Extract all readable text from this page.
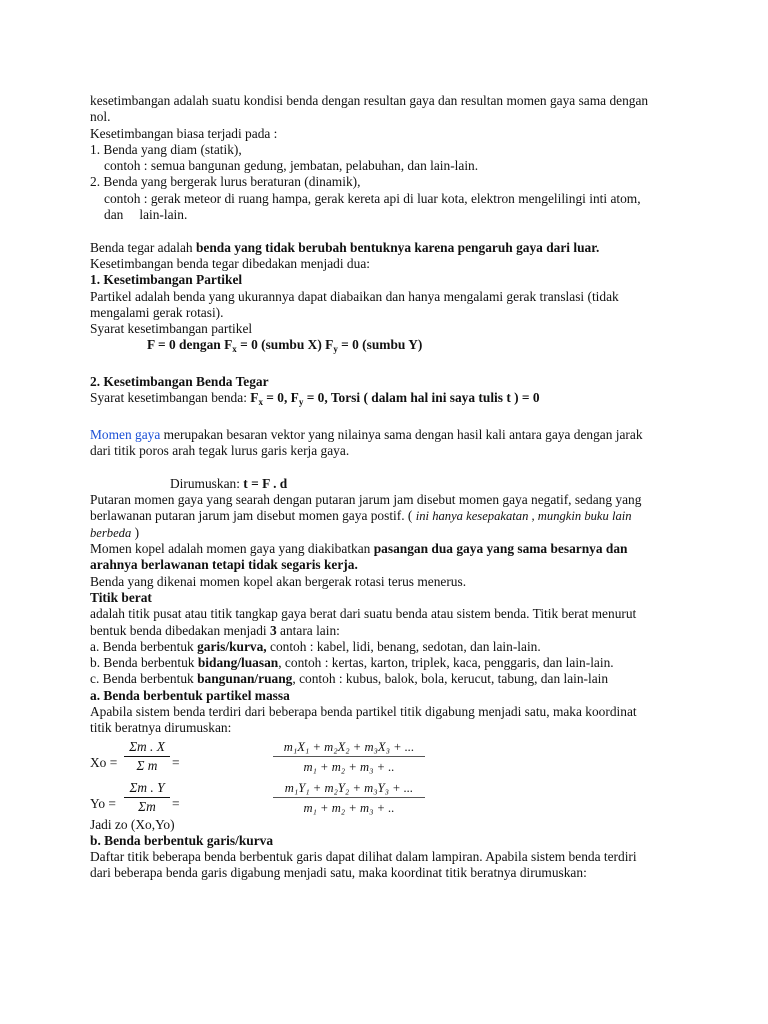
kesetimbangan adalah suatu kondisi benda dengan resultan gaya dan resultan momen gaya sama dengan
nol.
Kesetimbangan biasa terjadi pada :
1. Benda yang diam (statik),
contoh : semua bangunan gedung, jembatan, pelabuhan, dan lain-lain.
2. Benda yang bergerak lurus beraturan (dinamik),
contoh : gerak meteor di ruang hampa, gerak kereta api di luar kota, elektron mengelilingi inti atom,
dan lain-lain.
Benda tegar adalah benda yang tidak berubah bentuknya karena pengaruh gaya dari luar.
Kesetimbangan benda tegar dibedakan menjadi dua:
1. Kesetimbangan Partikel
Partikel adalah benda yang ukurannya dapat diabaikan dan hanya mengalami gerak translasi (tidak
mengalami gerak rotasi).
Syarat kesetimbangan partikel
F = 0 dengan $F_x = 0$ (sumbu X) $F_y = 0$ (sumbu Y)
2. Kesetimbangan Benda Tegar
Syarat kesetimbangan benda: $F_x = 0$, $F_y = 0$, Torsi ( dalam hal ini saya tulis t ) = 0
Momen gaya merupakan besaran vektor yang nilainya sama dengan hasil kali antara gaya dengan jarak
dari titik poros arah tegak lurus garis kerja gaya.
Dirumuskan: t = F . d
Putaran momen gaya yang searah dengan putaran jarum jam disebut momen gaya negatif, sedang yang
berlawanan putaran jarum jam disebut momen gaya postif. ( ini hanya kesepakatan , mungkin buku lain
berbeda )
Momen kopel adalah momen gaya yang diakibatkan pasangan dua gaya yang sama besarnya dan
arahnya berlawanan tetapi tidak segaris kerja.
Benda yang dikenai momen kopel akan bergerak rotasi terus menerus.
Titik berat
adalah titik pusat atau titik tangkap gaya berat dari suatu benda atau sistem benda. Titik berat menurut
bentuk benda dibedakan menjadi 3 antara lain:
a. Benda berbentuk garis/kurva, contoh : kabel, lidi, benang, sedotan, dan lain-lain.
b. Benda berbentuk bidang/luasan, contoh : kertas, karton, triplek, kaca, penggaris, dan lain-lain.
c. Benda berbentuk bangunan/ruang, contoh : kubus, balok, bola, kerucut, tabung, dan lain-lain
a. Benda berbentuk partikel massa
Apabila sistem benda terdiri dari beberapa benda partikel titik digabung menjadi satu, maka koordinat
titik beratnya dirumuskan:
$Xo = \frac{\Sigma m . X}{\text{Σ m}}$ =	$\frac{\text{m₁X₁ + m₂X₂ + m₃X₃ + ...}}{\text{m₁ + m₂ + m₃ + ..}}$
$Yo = \frac{\Sigma m . Y}{\Sigma m}$ =	$\frac{\text{m₁Y₁ + m₂Y₂ + m₃Y₃ + ...}}{\text{m₁ + m₂ + m₃ + ..}}$
Jadi zo (Xo,Yo)
b. Benda berbentuk garis/kurva
Daftar titik beberapa benda berbentuk garis dapat dilihat dalam lampiran. Apabila sistem benda terdiri
dari beberapa benda garis digabung menjadi satu, maka koordinat titik beratnya dirumuskan:
